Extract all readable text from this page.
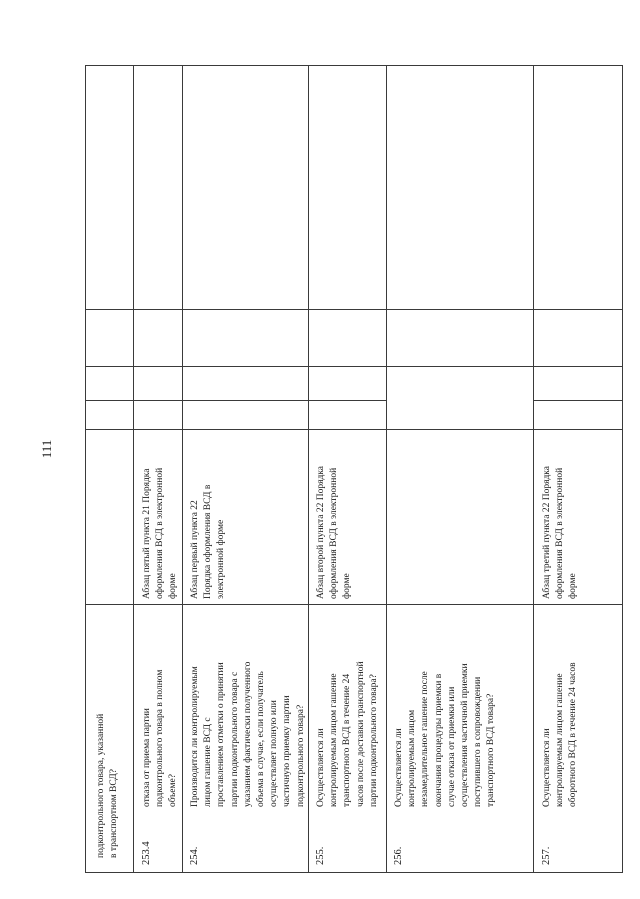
111
подконтрольного товара, указанной в транспортном ВСД? 253.4
отказа от приема партии подконтрольного товара в полном объеме?
Абзац пятый пункта 21 Порядка оформления ВСД в электронной форме
254.
Производится ли контролируемым лицом гашение ВСД с проставлением отметки о принятии партии подконтрольного товара с указанием фактически полученного объема в случае, если получатель осуществляет полную или частичную приемку партии подконтрольного товара?
Абзац первый пункта 22 Порядка оформления ВСД в электронной форме
255.
Осуществляется ли контролируемым лицом гашение транспортного ВСД в течение 24 часов после доставки транспортной партии подконтрольного товара?
Абзац второй пункта 22 Порядка оформления ВСД в электронной форме
256.
Осуществляется ли контролируемым лицом незамедлительное гашение после окончания процедуры приемки в случае отказа от приемки или осуществления частичной приемки поступившего в сопровождении транспортного ВСД товара?
257.
Осуществляется ли контролируемым лицом гашение оборотного ВСД в течение 24 часов
Абзац третий пункта 22 Порядка оформления ВСД в электронной форме
